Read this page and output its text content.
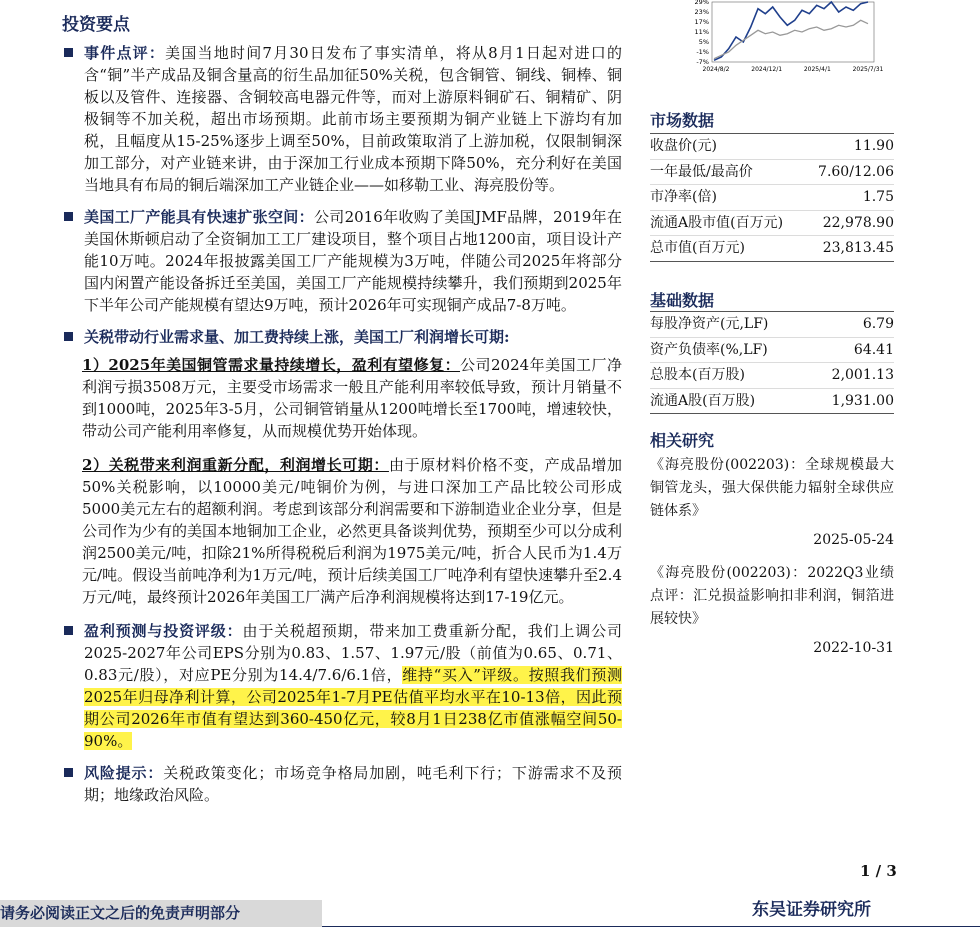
投资要点
事件点评：美国当地时间7月30日发布了事实清单，将从8月1日起对进口的含“铜”半产成品及铜含量高的衍生品加征50%关税，包含铜管、铜线、铜棒、铜板以及管件、连接器、含铜较高电器元件等，而对上游原料铜矿石、铜精矿、阴极铜等不加关税，超出市场预期。此前市场主要预期为铜产业链上下游均有加税，且幅度从15-25%逐步上调至50%，目前政策取消了上游加税，仅限制铜深加工部分，对产业链来讲，由于深加工行业成本预期下降50%，充分利好在美国当地具有布局的铜后端深加工产业链企业——如移勒工业、海亮股份等。
美国工厂产能具有快速扩张空间：公司2016年收购了美国JMF品牌，2019年在美国休斯顿启动了全资铜加工工厂建设项目，整个项目占地1200亩，项目设计产能10万吨。2024年报披露美国工厂产能规模为3万吨，伴随公司2025年将部分国内闲置产能设备拆迁至美国，美国工厂产能规模持续攀升，我们预期到2025年下半年公司产能规模有望达9万吨，预计2026年可实现铜产成品7-8万吨。
关税带动行业需求量、加工费持续上涨，美国工厂利润增长可期:
1）2025年美国铜管需求量持续增长，盈利有望修复：公司2024年美国工厂净利润亏损3508万元，主要受市场需求一般且产能利用率较低导致，预计月销量不到1000吨，2025年3-5月，公司铜管销量从1200吨增长至1700吨，增速较快，带动公司产能利用率修复，从而规模优势开始体现。
2）关税带来利润重新分配，利润增长可期：由于原材料价格不变，产成品增加50%关税影响，以10000美元/吨铜价为例，与进口深加工产品比较公司形成5000美元左右的超额利润。考虑到该部分利润需要和下游制造业企业分享，但是公司作为少有的美国本地铜加工企业，必然更具备谈判优势，预期至少可以分成利润2500美元/吨，扣除21%所得税税后利润为1975美元/吨，折合人民币为1.4万元/吨。假设当前吨净利为1万元/吨，预计后续美国工厂吨净利有望快速攀升至2.4万元/吨，最终预计2026年美国工厂满产后净利润规模将达到17-19亿元。
盈利预测与投资评级：由于关税超预期，带来加工费重新分配，我们上调公司2025-2027年公司EPS分别为0.83、1.57、1.97元/股（前值为0.65、0.71、0.83元/股），对应PE分别为14.4/7.6/6.1倍，维持“买入”评级。按照我们预测2025年归母净利计算，公司2025年1-7月PE估值平均水平在10-13倍，因此预期公司2026年市值有望达到360-450亿元，较8月1日238亿市值涨幅空间50-90%。
风险提示：关税政策变化；市场竞争格局加剧，吨毛利下行；下游需求不及预期；地缘政治风险。
29%
23%
17%
11%
5%
-1%
-7%
2024/8/2	2024/12/1	2025/4/1	2025/7/31
市场数据
收盘价(元)	11.90
一年最低/最高价	7.60/12.06
市净率(倍)	1.75
流通A股市值(百万元)	22,978.90
总市值(百万元)	23,813.45
基础数据
每股净资产(元,LF)	6.79
资产负债率(%,LF)	64.41
总股本(百万股)	2,001.13
流通A股(百万股)	1,931.00
相关研究
《海亮股份(002203)：全球规模最大铜管龙头，强大保供能力辐射全球供应链体系》
2025-05-24
《海亮股份(002203)：2022Q3业绩点评：汇兑损益影响扣非利润，铜箔进展较快》
2022-10-31
1 / 3
请务必阅读正文之后的免责声明部分	东吴证券研究所
